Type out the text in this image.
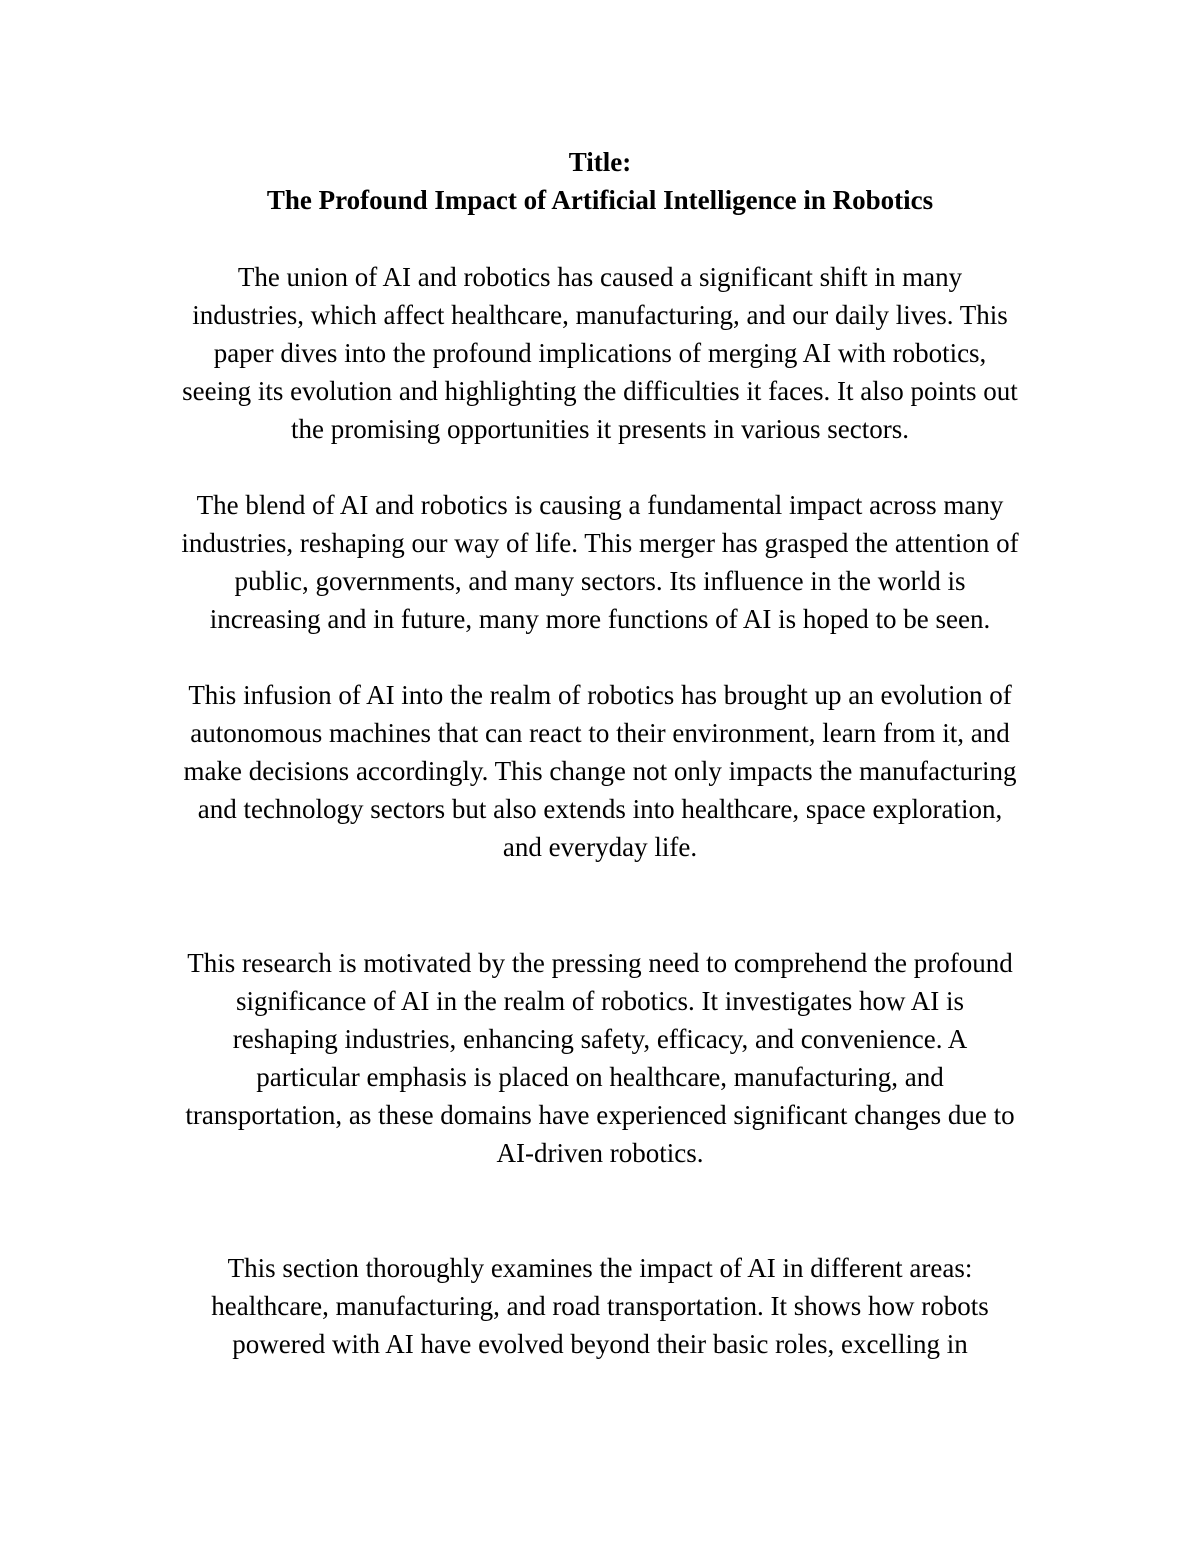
Title:
The Profound Impact of Artificial Intelligence in Robotics
The union of AI and robotics has caused a significant shift in many
industries, which affect healthcare, manufacturing, and our daily lives. This
paper dives into the profound implications of merging AI with robotics,
seeing its evolution and highlighting the difficulties it faces. It also points out
the promising opportunities it presents in various sectors.
The blend of AI and robotics is causing a fundamental impact across many
industries, reshaping our way of life. This merger has grasped the attention of
public, governments, and many sectors. Its influence in the world is
increasing and in future, many more functions of AI is hoped to be seen.
This infusion of AI into the realm of robotics has brought up an evolution of
autonomous machines that can react to their environment, learn from it, and
make decisions accordingly. This change not only impacts the manufacturing
and technology sectors but also extends into healthcare, space exploration,
and everyday life.
This research is motivated by the pressing need to comprehend the profound
significance of AI in the realm of robotics. It investigates how AI is
reshaping industries, enhancing safety, efficacy, and convenience. A
particular emphasis is placed on healthcare, manufacturing, and
transportation, as these domains have experienced significant changes due to
AI-driven robotics.
This section thoroughly examines the impact of AI in different areas:
healthcare, manufacturing, and road transportation. It shows how robots
powered with AI have evolved beyond their basic roles, excelling in
